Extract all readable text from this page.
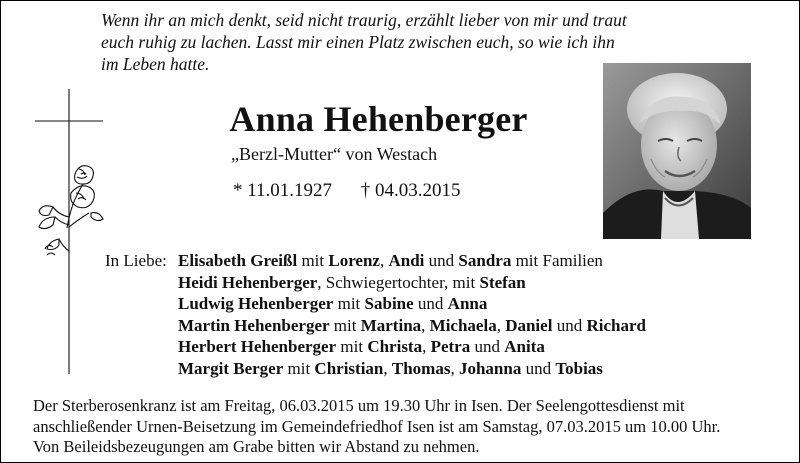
Wenn ihr an mich denkt, seid nicht traurig, erzählt lieber von mir und traut
euch ruhig zu lachen. Lasst mir einen Platz zwischen euch, so wie ich ihn
im Leben hatte.
Anna Hehenberger
„Berzl-Mutter“ von Westach
* 11.01.1927 † 04.03.2015
In Liebe: Elisabeth Greißl mit Lorenz, Andi und Sandra mit Familien
Heidi Hehenberger, Schwiegertochter, mit Stefan
Ludwig Hehenberger mit Sabine und Anna
Martin Hehenberger mit Martina, Michaela, Daniel und Richard
Herbert Hehenberger mit Christa, Petra und Anita
Margit Berger mit Christian, Thomas, Johanna und Tobias
Der Sterberosenkranz ist am Freitag, 06.03.2015 um 19.30 Uhr in Isen. Der Seelengottesdienst mit
anschließender Urnen-Beisetzung im Gemeindefriedhof Isen ist am Samstag, 07.03.2015 um 10.00 Uhr.
Von Beileidsbezeugungen am Grabe bitten wir Abstand zu nehmen.
